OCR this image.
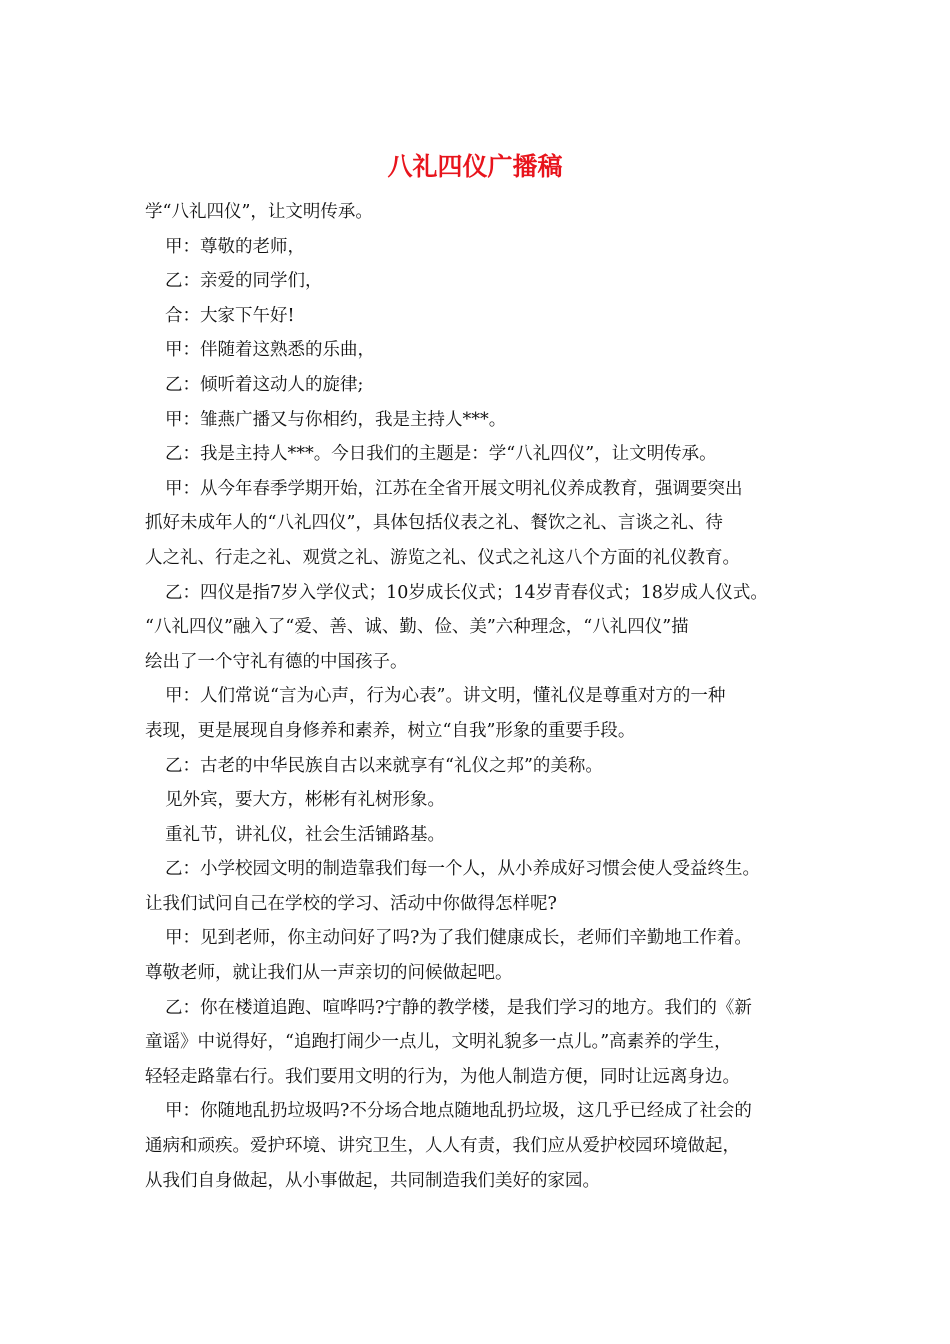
八礼四仪广播稿
学“八礼四仪”，让文明传承。
甲：尊敬的老师，
乙：亲爱的同学们，
合：大家下午好!
甲：伴随着这熟悉的乐曲，
乙：倾听着这动人的旋律;
甲：雏燕广播又与你相约，我是主持人***。
乙：我是主持人***。今日我们的主题是：学“八礼四仪”，让文明传承。
甲：从今年春季学期开始，江苏在全省开展文明礼仪养成教育，强调要突出
抓好未成年人的“八礼四仪”，具体包括仪表之礼、餐饮之礼、言谈之礼、待
人之礼、行走之礼、观赏之礼、游览之礼、仪式之礼这八个方面的礼仪教育。
乙：四仪是指7岁入学仪式；10岁成长仪式；14岁青春仪式；18岁成人仪式。
“八礼四仪”融入了“爱、善、诚、勤、俭、美”六种理念，“八礼四仪”描
绘出了一个守礼有德的中国孩子。
甲：人们常说“言为心声，行为心表”。讲文明，懂礼仪是尊重对方的一种
表现，更是展现自身修养和素养，树立“自我”形象的重要手段。
乙：古老的中华民族自古以来就享有“礼仪之邦”的美称。
见外宾，要大方，彬彬有礼树形象。
重礼节，讲礼仪，社会生活铺路基。
乙：小学校园文明的制造靠我们每一个人，从小养成好习惯会使人受益终生。
让我们试问自己在学校的学习、活动中你做得怎样呢?
甲：见到老师，你主动问好了吗?为了我们健康成长，老师们辛勤地工作着。
尊敬老师，就让我们从一声亲切的问候做起吧。
乙：你在楼道追跑、喧哗吗?宁静的教学楼，是我们学习的地方。我们的《新
童谣》中说得好，“追跑打闹少一点儿，文明礼貌多一点儿。”高素养的学生，
轻轻走路靠右行。我们要用文明的行为，为他人制造方便，同时让远离身边。
甲：你随地乱扔垃圾吗?不分场合地点随地乱扔垃圾，这几乎已经成了社会的
通病和顽疾。爱护环境、讲究卫生，人人有责，我们应从爱护校园环境做起，
从我们自身做起，从小事做起，共同制造我们美好的家园。
